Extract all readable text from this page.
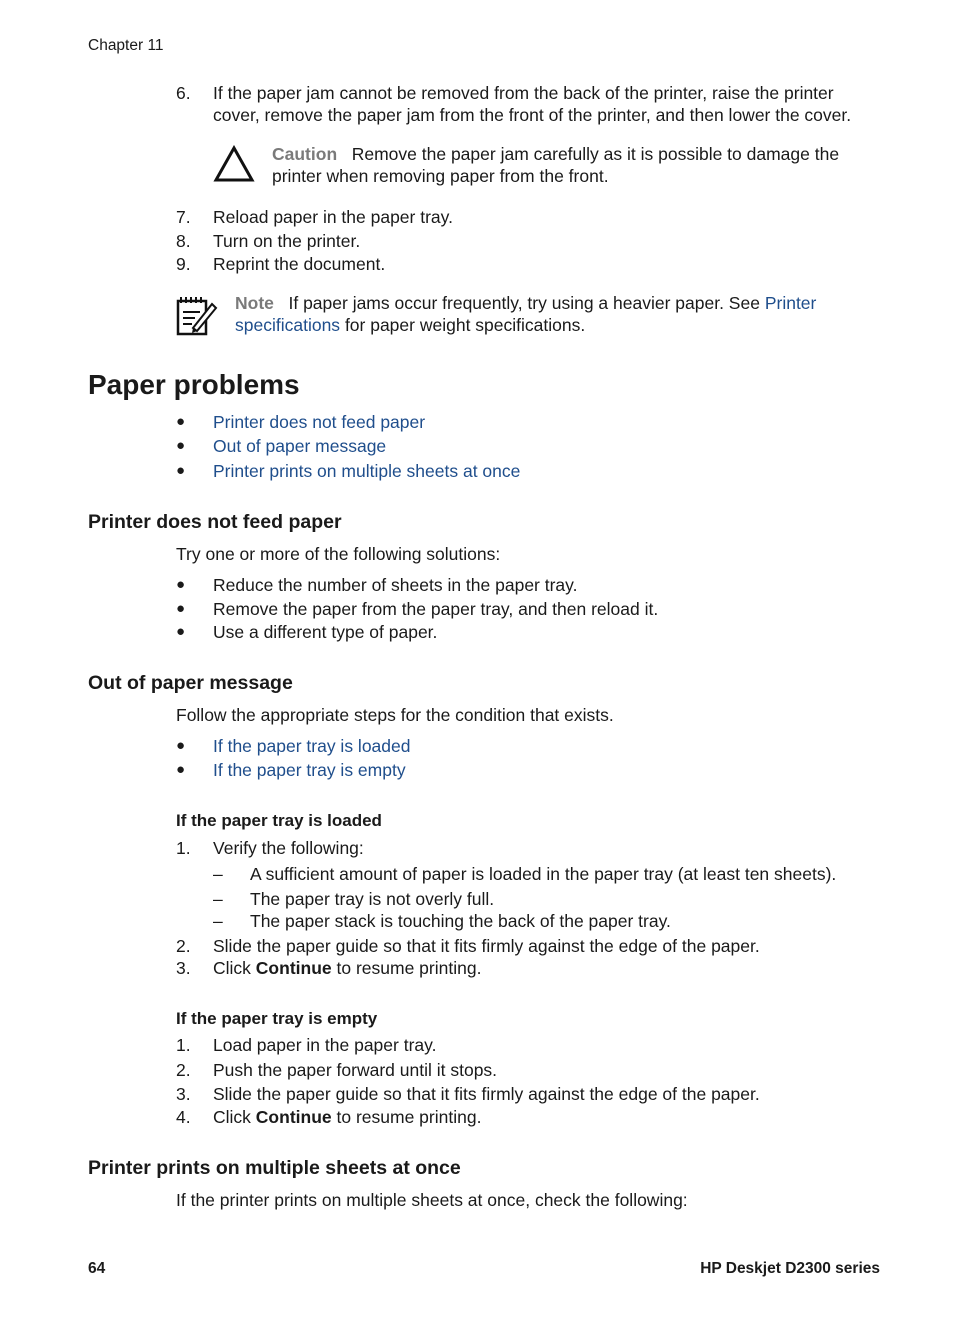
Chapter 11
6.	If the paper jam cannot be removed from the back of the printer, raise the printer
cover, remove the paper jam from the front of the printer, and then lower the cover.
Caution Remove the paper jam carefully as it is possible to damage the
printer when removing paper from the front.
7.	Reload paper in the paper tray.
8.	Turn on the printer.
9.	Reprint the document.
Note If paper jams occur frequently, try using a heavier paper. See Printer
specifications for paper weight specifications.
Paper problems
● Printer does not feed paper
● Out of paper message
● Printer prints on multiple sheets at once
Printer does not feed paper
Try one or more of the following solutions:
● Reduce the number of sheets in the paper tray.
● Remove the paper from the paper tray, and then reload it.
● Use a different type of paper.
Out of paper message
Follow the appropriate steps for the condition that exists.
● If the paper tray is loaded
● If the paper tray is empty
If the paper tray is loaded
1.	Verify the following:
– A sufficient amount of paper is loaded in the paper tray (at least ten sheets).
– The paper tray is not overly full.
– The paper stack is touching the back of the paper tray.
2.	Slide the paper guide so that it fits firmly against the edge of the paper.
3.	Click Continue to resume printing.
If the paper tray is empty
1.	Load paper in the paper tray.
2.	Push the paper forward until it stops.
3.	Slide the paper guide so that it fits firmly against the edge of the paper.
4.	Click Continue to resume printing.
Printer prints on multiple sheets at once
If the printer prints on multiple sheets at once, check the following:
64	HP Deskjet D2300 series
